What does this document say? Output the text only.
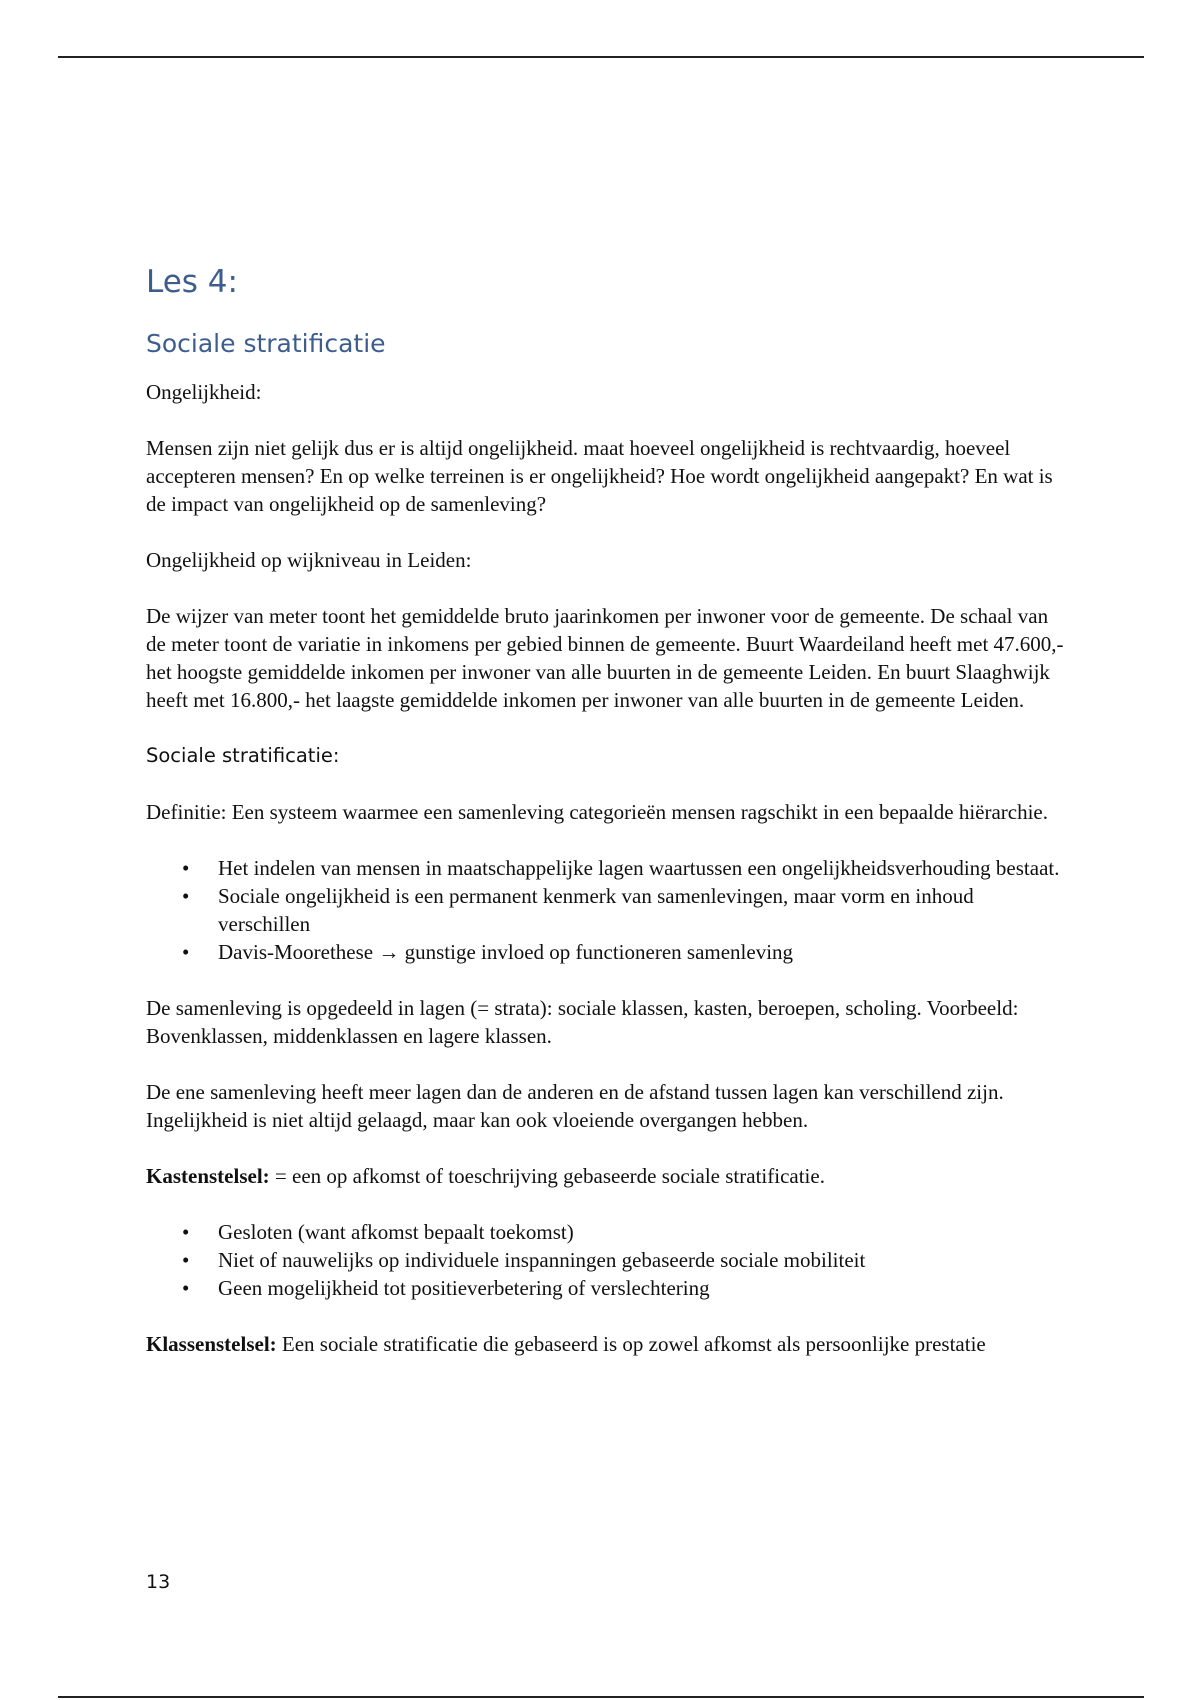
Les 4:
Sociale stratificatie

Ongelijkheid:

Mensen zijn niet gelijk dus er is altijd ongelijkheid. maat hoeveel ongelijkheid is rechtvaardig, hoeveel accepteren mensen? En op welke terreinen is er ongelijkheid? Hoe wordt ongelijkheid aangepakt? En wat is de impact van ongelijkheid op de samenleving?

Ongelijkheid op wijkniveau in Leiden:

De wijzer van meter toont het gemiddelde bruto jaarinkomen per inwoner voor de gemeente. De schaal van de meter toont de variatie in inkomens per gebied binnen de gemeente. Buurt Waardeiland heeft met 47.600,- het hoogste gemiddelde inkomen per inwoner van alle buurten in de gemeente Leiden. En buurt Slaaghwijk heeft met 16.800,- het laagste gemiddelde inkomen per inwoner van alle buurten in de gemeente Leiden.

Sociale stratificatie:

Definitie: Een systeem waarmee een samenleving categorieën mensen ragschikt in een bepaalde hiërarchie.

• Het indelen van mensen in maatschappelijke lagen waartussen een ongelijkheidsverhouding bestaat.
• Sociale ongelijkheid is een permanent kenmerk van samenlevingen, maar vorm en inhoud verschillen
• Davis-Moorethese → gunstige invloed op functioneren samenleving

De samenleving is opgedeeld in lagen (= strata): sociale klassen, kasten, beroepen, scholing. Voorbeeld: Bovenklassen, middenklassen en lagere klassen.

De ene samenleving heeft meer lagen dan de anderen en de afstand tussen lagen kan verschillend zijn. Ingelijkheid is niet altijd gelaagd, maar kan ook vloeiende overgangen hebben.

Kastenstelsel: = een op afkomst of toeschrijving gebaseerde sociale stratificatie.

• Gesloten (want afkomst bepaalt toekomst)
• Niet of nauwelijks op individuele inspanningen gebaseerde sociale mobiliteit
• Geen mogelijkheid tot positieverbetering of verslechtering

Klassenstelsel: Een sociale stratificatie die gebaseerd is op zowel afkomst als persoonlijke prestatie

13
